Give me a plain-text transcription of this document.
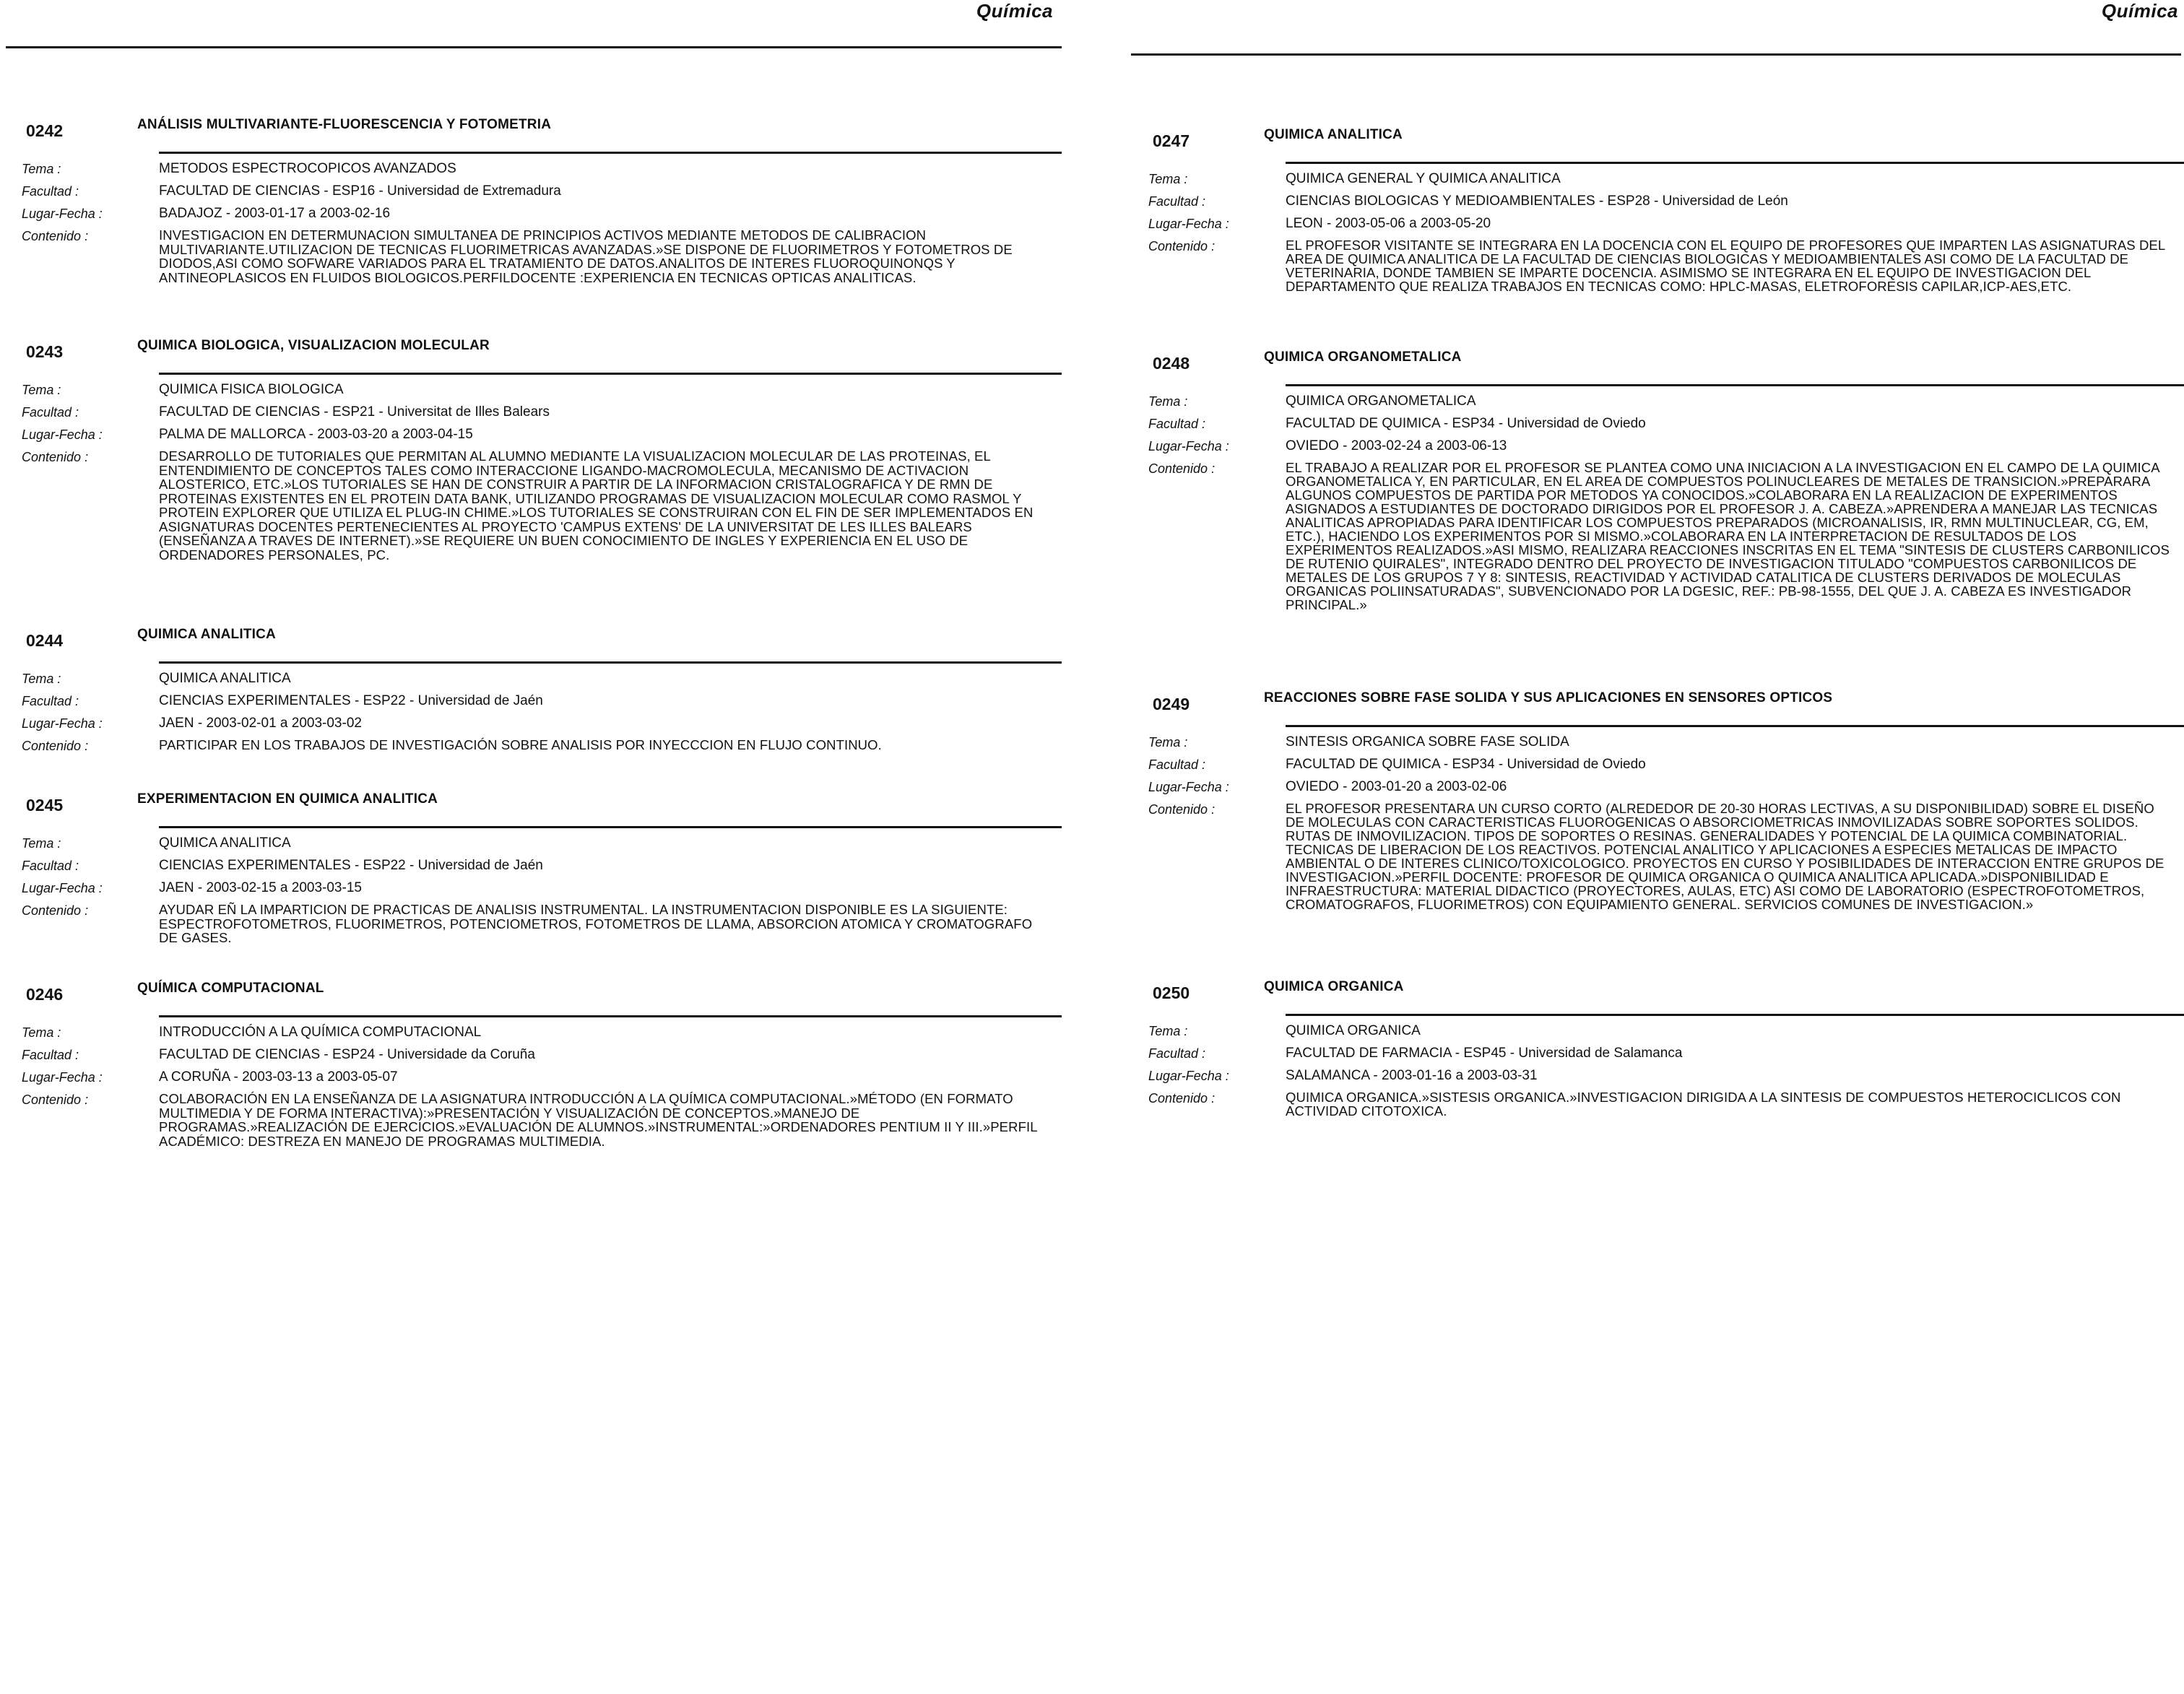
Química
0242	ANÁLISIS MULTIVARIANTE-FLUORESCENCIA Y FOTOMETRIA
Tema :	METODOS ESPECTROCOPICOS AVANZADOS
Facultad :	FACULTAD DE CIENCIAS - ESP16 - Universidad de Extremadura
Lugar-Fecha :	BADAJOZ - 2003-01-17 a 2003-02-16
Contenido :	INVESTIGACION EN DETERMUNACION SIMULTANEA DE PRINCIPIOS ACTIVOS MEDIANTE METODOS DE CALIBRACION MULTIVARIANTE.UTILIZACION DE TECNICAS FLUORIMETRICAS AVANZADAS.»SE DISPONE DE FLUORIMETROS Y FOTOMETROS DE DIODOS,ASI COMO SOFWARE VARIADOS PARA EL TRATAMIENTO DE DATOS.ANALITOS DE INTERES FLUOROQUINONQS Y ANTINEOPLASICOS EN FLUIDOS BIOLOGICOS.PERFILDOCENTE :EXPERIENCIA EN TECNICAS OPTICAS ANALITICAS.
0243	QUIMICA BIOLOGICA, VISUALIZACION MOLECULAR
Tema :	QUIMICA FISICA BIOLOGICA
Facultad :	FACULTAD DE CIENCIAS - ESP21 - Universitat de Illes Balears
Lugar-Fecha :	PALMA DE MALLORCA - 2003-03-20 a 2003-04-15
Contenido :	DESARROLLO DE TUTORIALES QUE PERMITAN AL ALUMNO MEDIANTE LA VISUALIZACION MOLECULAR DE LAS PROTEINAS, EL ENTENDIMIENTO DE CONCEPTOS TALES COMO INTERACCIONE LIGANDO-MACROMOLECULA, MECANISMO DE ACTIVACION ALOSTERICO, ETC.»LOS TUTORIALES SE HAN DE CONSTRUIR A PARTIR DE LA INFORMACION CRISTALOGRAFICA Y DE RMN DE PROTEINAS EXISTENTES EN EL PROTEIN DATA BANK, UTILIZANDO PROGRAMAS DE VISUALIZACION MOLECULAR COMO RASMOL Y PROTEIN EXPLORER QUE UTILIZA EL PLUG-IN CHIME.»LOS TUTORIALES SE CONSTRUIRAN CON EL FIN DE SER IMPLEMENTADOS EN ASIGNATURAS DOCENTES PERTENECIENTES AL PROYECTO 'CAMPUS EXTENS' DE LA UNIVERSITAT DE LES ILLES BALEARS (ENSEÑANZA A TRAVES DE INTERNET).»SE REQUIERE UN BUEN CONOCIMIENTO DE INGLES Y EXPERIENCIA EN EL USO DE ORDENADORES PERSONALES, PC.
0244	QUIMICA ANALITICA
Tema :	QUIMICA ANALITICA
Facultad :	CIENCIAS EXPERIMENTALES - ESP22 - Universidad de Jaén
Lugar-Fecha :	JAEN - 2003-02-01 a 2003-03-02
Contenido :	PARTICIPAR EN LOS TRABAJOS DE INVESTIGACIÓN SOBRE ANALISIS POR INYECCCION EN FLUJO CONTINUO.
0245	EXPERIMENTACION EN QUIMICA ANALITICA
Tema :	QUIMICA ANALITICA
Facultad :	CIENCIAS EXPERIMENTALES - ESP22 - Universidad de Jaén
Lugar-Fecha :	JAEN - 2003-02-15 a 2003-03-15
Contenido :	AYUDAR EÑ LA IMPARTICION DE PRACTICAS DE ANALISIS INSTRUMENTAL. LA INSTRUMENTACION DISPONIBLE ES LA SIGUIENTE: ESPECTROFOTOMETROS, FLUORIMETROS, POTENCIOMETROS, FOTOMETROS DE LLAMA, ABSORCION ATOMICA Y CROMATOGRAFO DE GASES.
0246	QUÍMICA COMPUTACIONAL
Tema :	INTRODUCCIÓN A LA QUÍMICA COMPUTACIONAL
Facultad :	FACULTAD DE CIENCIAS - ESP24 - Universidade da Coruña
Lugar-Fecha :	A CORUÑA - 2003-03-13 a 2003-05-07
Contenido :	COLABORACIÓN EN LA ENSEÑANZA DE LA ASIGNATURA INTRODUCCIÓN A LA QUÍMICA COMPUTACIONAL.»MÉTODO (EN FORMATO MULTIMEDIA Y DE FORMA INTERACTIVA):»PRESENTACIÓN Y VISUALIZACIÓN DE CONCEPTOS.»MANEJO DE PROGRAMAS.»REALIZACIÓN DE EJERCICIOS.»EVALUACIÓN DE ALUMNOS.»INSTRUMENTAL:»ORDENADORES PENTIUM II Y III.»PERFIL ACADÉMICO: DESTREZA EN MANEJO DE PROGRAMAS MULTIMEDIA.
Química
0247	QUIMICA ANALITICA
Tema :	QUIMICA GENERAL Y QUIMICA ANALITICA
Facultad :	CIENCIAS BIOLOGICAS Y MEDIOAMBIENTALES - ESP28 - Universidad de León
Lugar-Fecha :	LEON - 2003-05-06 a 2003-05-20
Contenido :	EL PROFESOR VISITANTE SE INTEGRARA EN LA DOCENCIA CON EL EQUIPO DE PROFESORES QUE IMPARTEN LAS ASIGNATURAS DEL AREA DE QUIMICA ANALITICA DE LA FACULTAD DE CIENCIAS BIOLOGICAS Y MEDIOAMBIENTALES ASI COMO DE LA FACULTAD DE VETERINARIA, DONDE TAMBIEN SE IMPARTE DOCENCIA. ASIMISMO SE INTEGRARA EN EL EQUIPO DE INVESTIGACION DEL DEPARTAMENTO QUE REALIZA TRABAJOS EN TECNICAS COMO: HPLC-MASAS, ELETROFORESIS CAPILAR,ICP-AES,ETC.
0248	QUIMICA ORGANOMETALICA
Tema :	QUIMICA ORGANOMETALICA
Facultad :	FACULTAD DE QUIMICA - ESP34 - Universidad de Oviedo
Lugar-Fecha :	OVIEDO - 2003-02-24 a 2003-06-13
Contenido :	EL TRABAJO A REALIZAR POR EL PROFESOR SE PLANTEA COMO UNA INICIACION A LA INVESTIGACION EN EL CAMPO DE LA QUIMICA ORGANOMETALICA Y, EN PARTICULAR, EN EL AREA DE COMPUESTOS POLINUCLEARES DE METALES DE TRANSICION.»PREPARARA ALGUNOS COMPUESTOS DE PARTIDA POR METODOS YA CONOCIDOS.»COLABORARA EN LA REALIZACION DE EXPERIMENTOS ASIGNADOS A ESTUDIANTES DE DOCTORADO DIRIGIDOS POR EL PROFESOR J. A. CABEZA.»APRENDERA A MANEJAR LAS TECNICAS ANALITICAS APROPIADAS PARA IDENTIFICAR LOS COMPUESTOS PREPARADOS (MICROANALISIS, IR, RMN MULTINUCLEAR, CG, EM, ETC.), HACIENDO LOS EXPERIMENTOS POR SI MISMO.»COLABORARA EN LA INTERPRETACION DE RESULTADOS DE LOS EXPERIMENTOS REALIZADOS.»ASI MISMO, REALIZARA REACCIONES INSCRITAS EN EL TEMA "SINTESIS DE CLUSTERS CARBONILICOS DE RUTENIO QUIRALES", INTEGRADO DENTRO DEL PROYECTO DE INVESTIGACION TITULADO "COMPUESTOS CARBONILICOS DE METALES DE LOS GRUPOS 7 Y 8: SINTESIS, REACTIVIDAD Y ACTIVIDAD CATALITICA DE CLUSTERS DERIVADOS DE MOLECULAS ORGANICAS POLIINSATURADAS", SUBVENCIONADO POR LA DGESIC, REF.: PB-98-1555, DEL QUE J. A. CABEZA ES INVESTIGADOR PRINCIPAL.»
0249	REACCIONES SOBRE FASE SOLIDA Y SUS APLICACIONES EN SENSORES OPTICOS
Tema :	SINTESIS ORGANICA SOBRE FASE SOLIDA
Facultad :	FACULTAD DE QUIMICA - ESP34 - Universidad de Oviedo
Lugar-Fecha :	OVIEDO - 2003-01-20 a 2003-02-06
Contenido :	EL PROFESOR PRESENTARA UN CURSO CORTO (ALREDEDOR DE 20-30 HORAS LECTIVAS, A SU DISPONIBILIDAD) SOBRE EL DISEÑO DE MOLECULAS CON CARACTERISTICAS FLUOROGENICAS O ABSORCIOMETRICAS INMOVILIZADAS SOBRE SOPORTES SOLIDOS. RUTAS DE INMOVILIZACION. TIPOS DE SOPORTES O RESINAS. GENERALIDADES Y POTENCIAL DE LA QUIMICA COMBINATORIAL. TECNICAS DE LIBERACION DE LOS REACTIVOS. POTENCIAL ANALITICO Y APLICACIONES A ESPECIES METALICAS DE IMPACTO AMBIENTAL O DE INTERES CLINICO/TOXICOLOGICO. PROYECTOS EN CURSO Y POSIBILIDADES DE INTERACCION ENTRE GRUPOS DE INVESTIGACION.»PERFIL DOCENTE: PROFESOR DE QUIMICA ORGANICA O QUIMICA ANALITICA APLICADA.»DISPONIBILIDAD E INFRAESTRUCTURA: MATERIAL DIDACTICO (PROYECTORES, AULAS, ETC) ASI COMO DE LABORATORIO (ESPECTROFOTOMETROS, CROMATOGRAFOS, FLUORIMETROS) CON EQUIPAMIENTO GENERAL. SERVICIOS COMUNES DE INVESTIGACION.»
0250	QUIMICA ORGANICA
Tema :	QUIMICA ORGANICA
Facultad :	FACULTAD DE FARMACIA - ESP45 - Universidad de Salamanca
Lugar-Fecha :	SALAMANCA - 2003-01-16 a 2003-03-31
Contenido :	QUIMICA ORGANICA.»SISTESIS ORGANICA.»INVESTIGACION DIRIGIDA A LA SINTESIS DE COMPUESTOS HETEROCICLICOS CON ACTIVIDAD CITOTOXICA.
